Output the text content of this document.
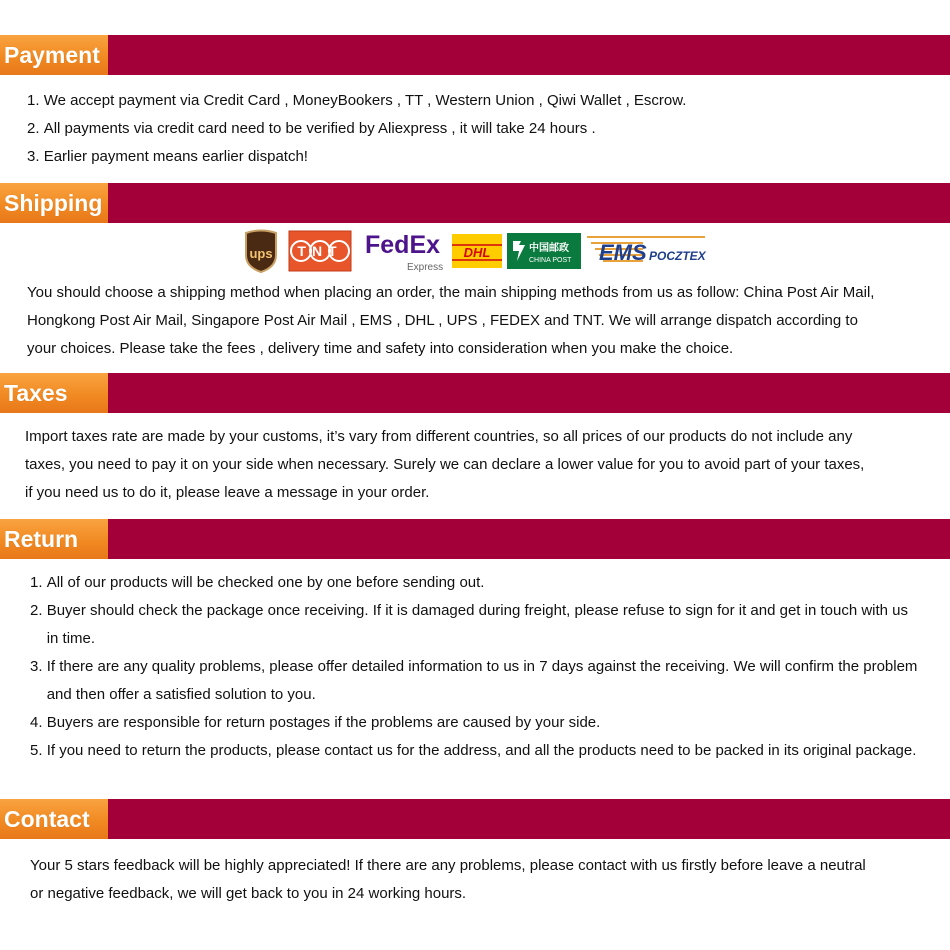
Payment
1.
We accept payment via Credit Card , MoneyBookers , TT , Western Union , Qiwi Wallet , Escrow.
2.
All payments via credit card need to be verified by Aliexpress , it will take 24 hours .
3.
Earlier payment means earlier dispatch!
Shipping
ups TNT FedEx
Express
DHL	中国邮政
CHINA POST EMS POCZTEX

You should choose a shipping method when placing an order, the main shipping methods from us as follow: China Post Air Mail,

Hongkong Post Air Mail, Singapore Post Air Mail , EMS , DHL , UPS , FEDEX and TNT. We will arrange dispatch according to

your choices. Please take the fees , delivery time and safety into consideration when you make the choice.

Taxes

Import taxes rate are made by your customs, it’s vary from different countries, so all prices of our products do not include any

taxes, you need to pay it on your side when necessary. Surely we can declare a lower value for you to avoid part of your taxes,

if you need us to do it, please leave a message in your order.

Return
1.
All of our products will be checked one by one before sending out.
2.
Buyer should check the package once receiving. If it is damaged during freight, please refuse to sign for it and get in touch with us in time.
3.
If there are any quality problems, please offer detailed information to us in 7 days against the receiving. We will confirm the problem and then offer a satisfied solution to you.
4.
Buyers are responsible for return postages if the problems are caused by your side.
5.
If you need to return the products, please contact us for the address, and all the products need to be packed in its original package.
Contact

Your 5 stars feedback will be highly appreciated! If there are any problems, please contact with us firstly before leave a neutral

or negative feedback, we will get back to you in 24 working hours.
